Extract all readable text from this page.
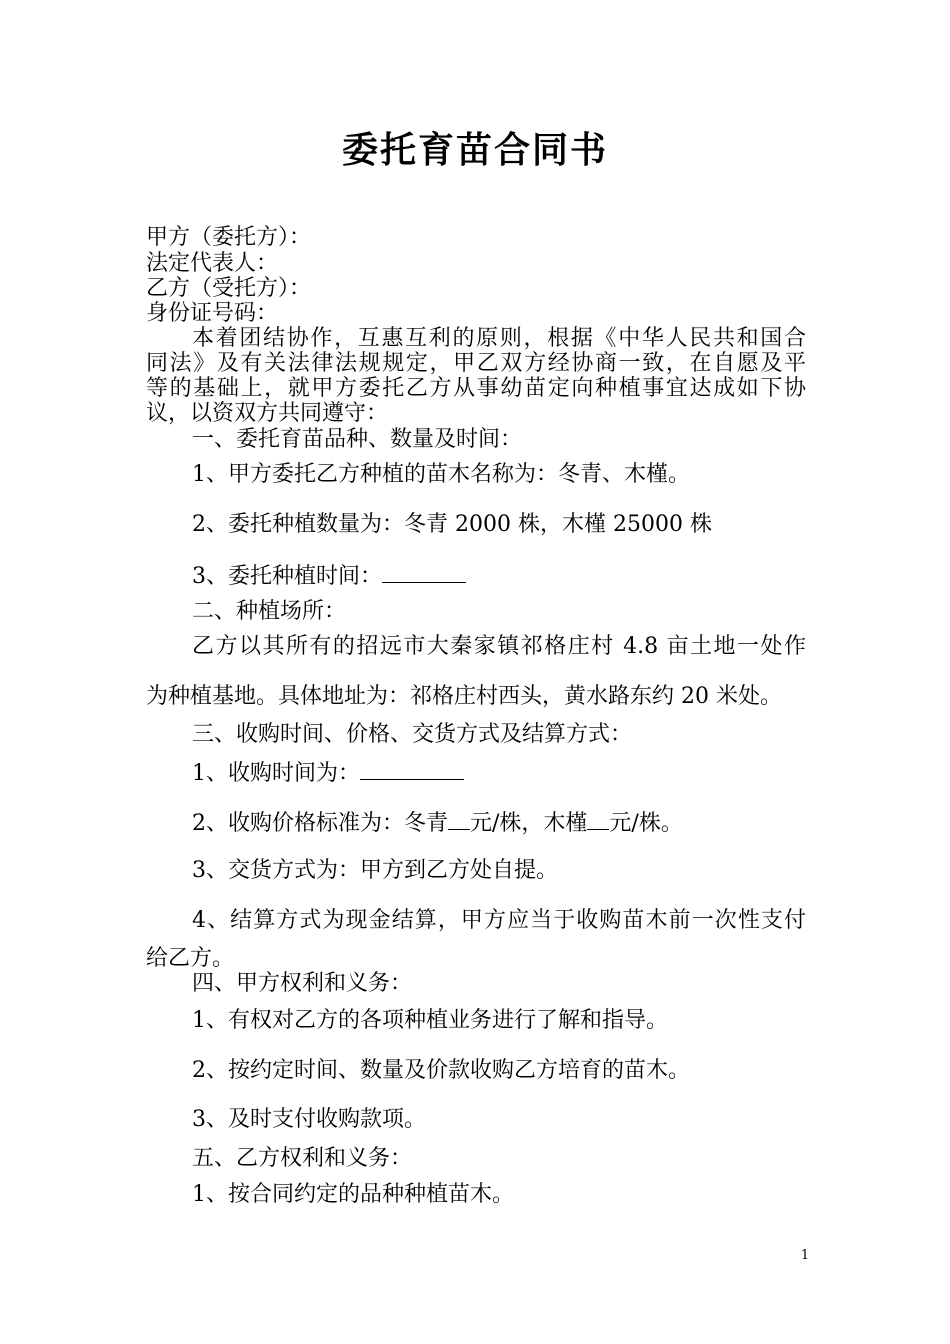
委托育苗合同书
甲方（委托方）：
法定代表人：
乙方（受托方）：
身份证号码：
本着团结协作，互惠互利的原则，根据《中华人民共和国合
同法》及有关法律法规规定，甲乙双方经协商一致，在自愿及平
等的基础上，就甲方委托乙方从事幼苗定向种植事宜达成如下协
议，以资双方共同遵守：
一、委托育苗品种、数量及时间：
1、甲方委托乙方种植的苗木名称为：冬青、木槿。
2、委托种植数量为：冬青 2000 株，木槿 25000 株
3、委托种植时间：
二、种植场所：
乙方以其所有的招远市大秦家镇祁格庄村 4.8 亩土地一处作
为种植基地。具体地址为：祁格庄村西头，黄水路东约 20 米处。
三、收购时间、价格、交货方式及结算方式：
1、收购时间为：
2、收购价格标准为：冬青 元/株，木槿 元/株。
3、交货方式为：甲方到乙方处自提。
4、结算方式为现金结算，甲方应当于收购苗木前一次性支付
给乙方。
四、甲方权利和义务：
1、有权对乙方的各项种植业务进行了解和指导。
2、按约定时间、数量及价款收购乙方培育的苗木。
3、及时支付收购款项。
五、乙方权利和义务：
1、按合同约定的品种种植苗木。
1
